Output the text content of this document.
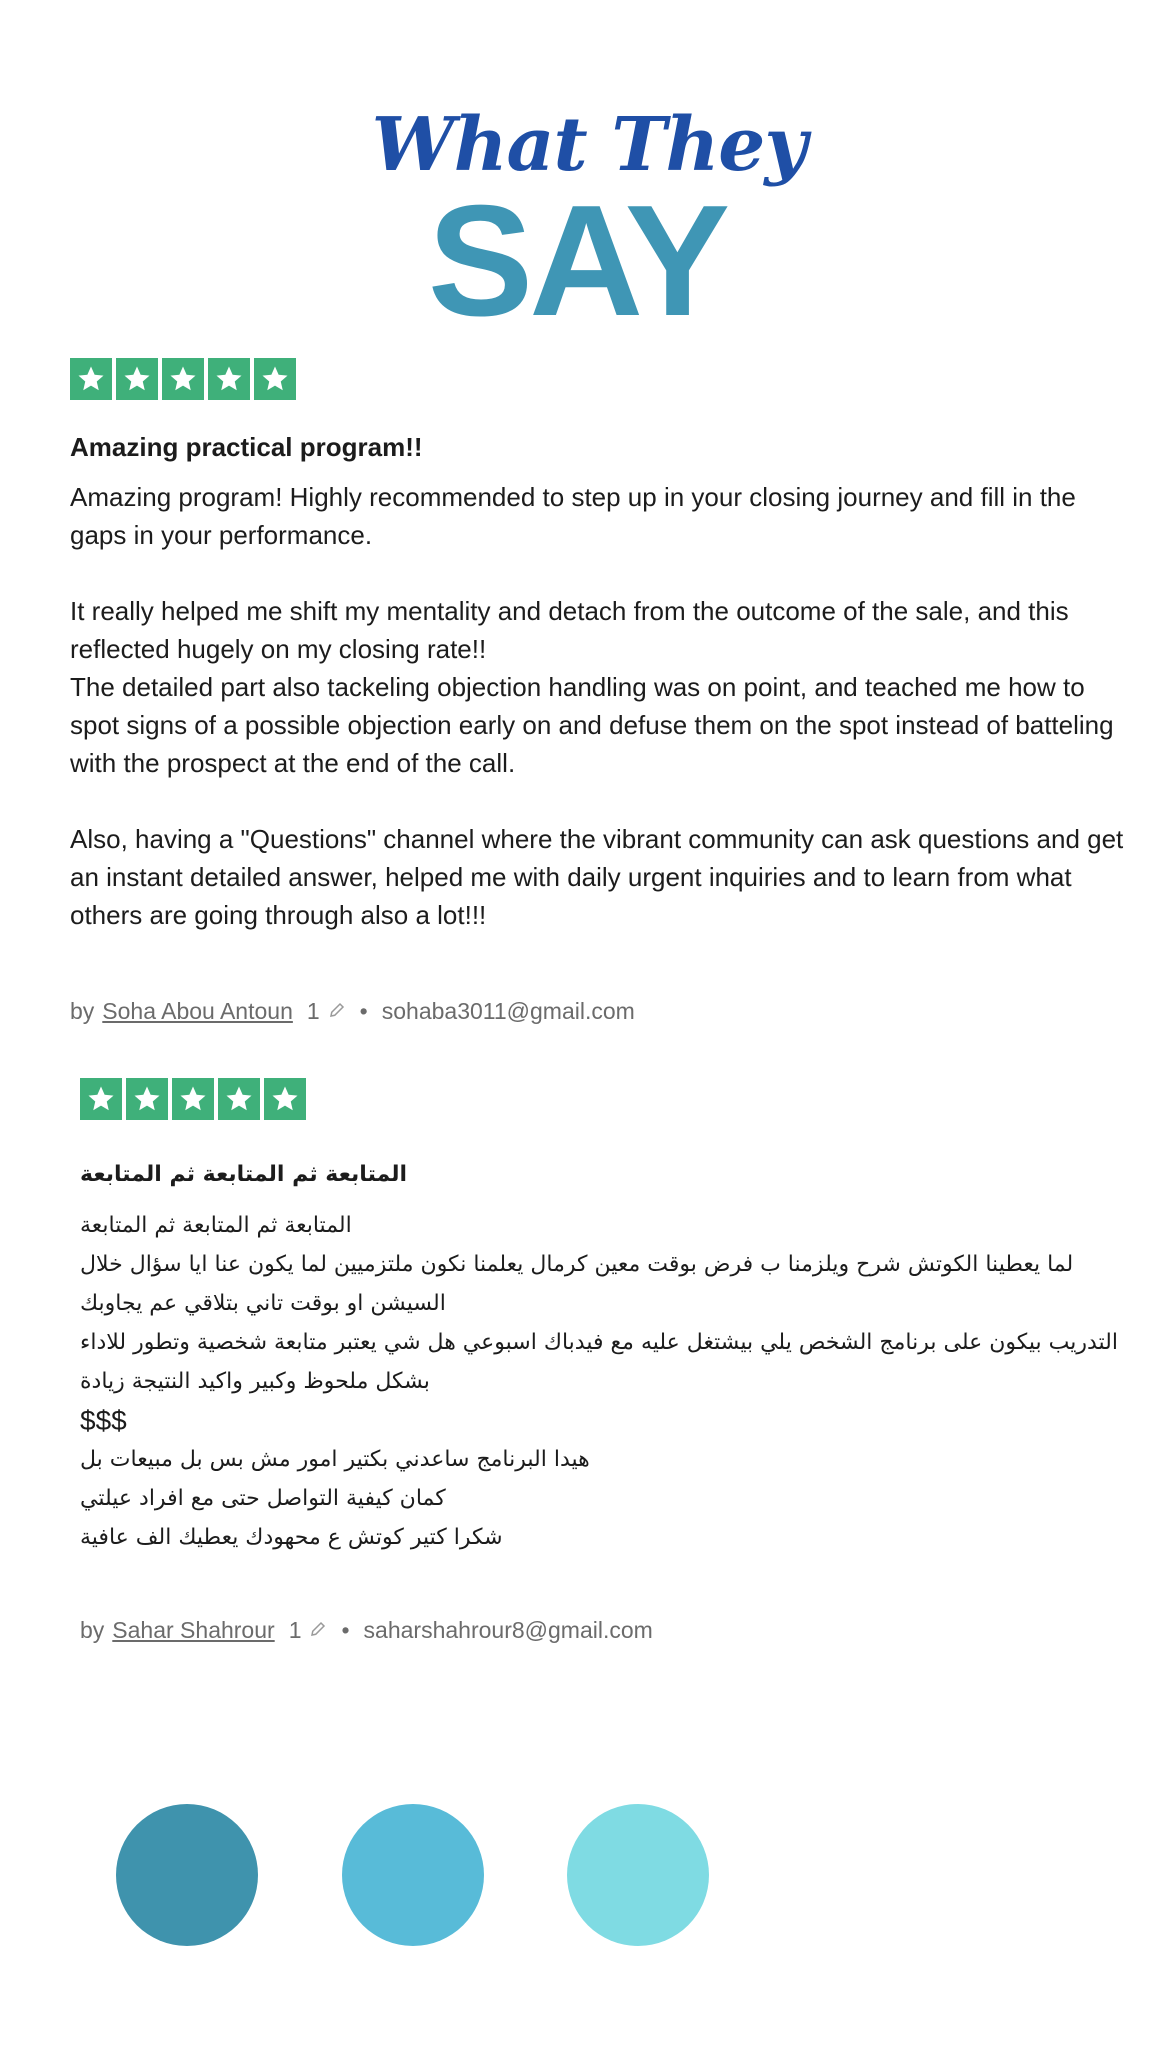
What They
SAY
Amazing practical program!!

Amazing program! Highly recommended to step up in your closing journey and fill in the gaps in your performance.

It really helped me shift my mentality and detach from the outcome of the sale, and this reflected hugely on my closing rate!!

The detailed part also tackeling objection handling was on point, and teached me how to spot signs of a possible objection early on and defuse them on the spot instead of batteling with the prospect at the end of the call.

Also, having a "Questions" channel where the vibrant community can ask questions and get an instant detailed answer, helped me with daily urgent inquiries and to learn from what others are going through also a lot!!!

by Soha Abou Antoun 1 • sohaba3011@gmail.com
المتابعة ثم المتابعة ثم المتابعة

المتابعة ثم المتابعة ثم المتابعة

لما يعطينا الكوتش شرح ويلزمنا ب فرض بوقت معين كرمال يعلمنا نكون ملتزميين لما يكون عنا ايا سؤال خلال السيشن او بوقت تاني بتلاقي عم يجاوبك

التدريب بيكون على برنامج الشخص يلي بيشتغل عليه مع فيدباك اسبوعي هل شي يعتبر متابعة شخصية وتطور للاداء بشكل ملحوظ وكبير واكيد النتيجة زيادة

$$$

هيدا البرنامج ساعدني بكتير امور مش بس بل مبيعات بل

كمان كيفية التواصل حتى مع افراد عيلتي

شكرا كتير كوتش ع محهودك يعطيك الف عافية

by Sahar Shahrour 1 • saharshahrour8@gmail.com
